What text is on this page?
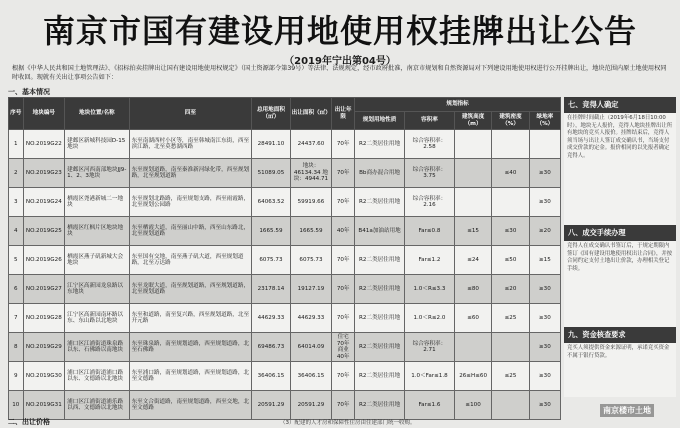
南京市国有建设用地使用权挂牌出让公告
（2019年宁出第04号）
根据《中华人民共和国土地管理法》、《招标拍卖挂牌出让国有建设用地使用权规定》（国土资源部令第39号）等法律、法规规定，经市政府批准，南京市规划和自然资源局对下列建设用地使用权进行公开挂牌出让，地块范围内原土地使用权同时收回。现就有关出让事项公告如下：
一、基本情况
序号	地块编号	地块位置/名称	四至	总用地面积（㎡）	出让面积（㎡）	出让年限	规划指标				
							规划用地性质	容积率	建筑高度（m）	建筑密度（%）	绿地率（%）
1	NO.2019G22	建邺区新城科技园D-15地块	东至南湖西村小区等，南至韩城南江东街，西至滨江路，北至莫愁湖西路	28491.10	24437.60	70年	R2二类居住用地	综合容积率：2.58			
2	NO.2019G23	建邺区河西南部地块JJ9-1、2、3地块	东至规划道路，南至秦淮新河绿化带，西至规划路，北至规划道路	51089.05	地块：46134.34 地块：4944.71	70年	Bb商办混合用地	综合容积率：3.75		≤40	≥30
3	NO.2019G24	栖霞区尧港新城二一地块	东至规划北路路，南至规划支路，西至雨霞路，北至规划公园路	64063.52	59919.66	70年	R2二类居住用地	综合容积率：2.16			≥30
4	NO.2019G25	栖霞区红枫片区地块地块	东至栖霞大道，南至丽山中路，西至山东路北，北至规划道路	1665.59	1665.59	40年	B41a加油站用地	Far≤0.8	≤15	≤30	≥20
5	NO.2019G26	栖霞区燕子矶新城大会地块	东至国有交地，南至燕子矶大道，西至规划道路，北至万达路	6075.73	6075.73	70年	R2二类居住用地	Far≤1.2	≤24	≤50	≥15
6	NO.2019G27	江宁区高新园龙泉路以东地块	东至龙眠大道，南至规划道路，西至规划道路，北至规划道路	23178.14	19127.19	70年	R2二类居住用地	1.0＜R≤3.3	≤80	≤20	≥30
7	NO.2019G28	江宁区高新园南环路以东、东山路以北地块	东至和道路，南至复兴路，西至规划道路，北至开元路	44629.33	44629.33	70年	R2二类居住用地	1.0＜R≤2.0	≤60	≤25	≥30
8	NO.2019G29	浦口区江浦街道珠泉路以东、石佛路以南地块	东至珠泉路，南至规划道路，西至规划道路，北至石佛路	69486.73	64014.09	住宅70年商业40年	R2二类居住用地	综合容积率：2.71			≥30
9	NO.2019G30	浦口区江浦街道浦口路以东、文德路以北地块	东至浦口路，南至规划道路，西至规划道路，北至文德路	36406.15	36406.15	70年	R2二类居住用地	1.0＜Far≤1.8	26≤H≤60	≤25	≥30
10	NO.2019G31	浦口区江浦街道浦乐路以西、文德路以北地块	东至文合街道路，南至规划道路，西至交地，北至文德路	20591.29	20591.29	70年	R2二类居住用地	Far≤1.6	≤100		≥30
七、竞得人确定
在挂牌时间截止（2019年6月18日10:00时），地块无人报价，竞得人地块挂牌出让所有地块的竞买人报价。挂牌结束后，竞得人须当场与出让人签订成交确认书，当场支付成交价款的定金。报价相同的以先报者确定竞得人。
八、成交手续办理
竞得人在成交确认书签订后，于规定期限内签订《国有建设用地使用权出让合同》，并按合同约定支付土地出让价款，办理相关登记手续。
九、资金核查要求
竞买人须提供资金来源证明，承诺竞买资金不属于银行贷款。
二、出让价格	（3）配建的人才房和保障性住房由住建部门统一收购。
南京楼市土地
